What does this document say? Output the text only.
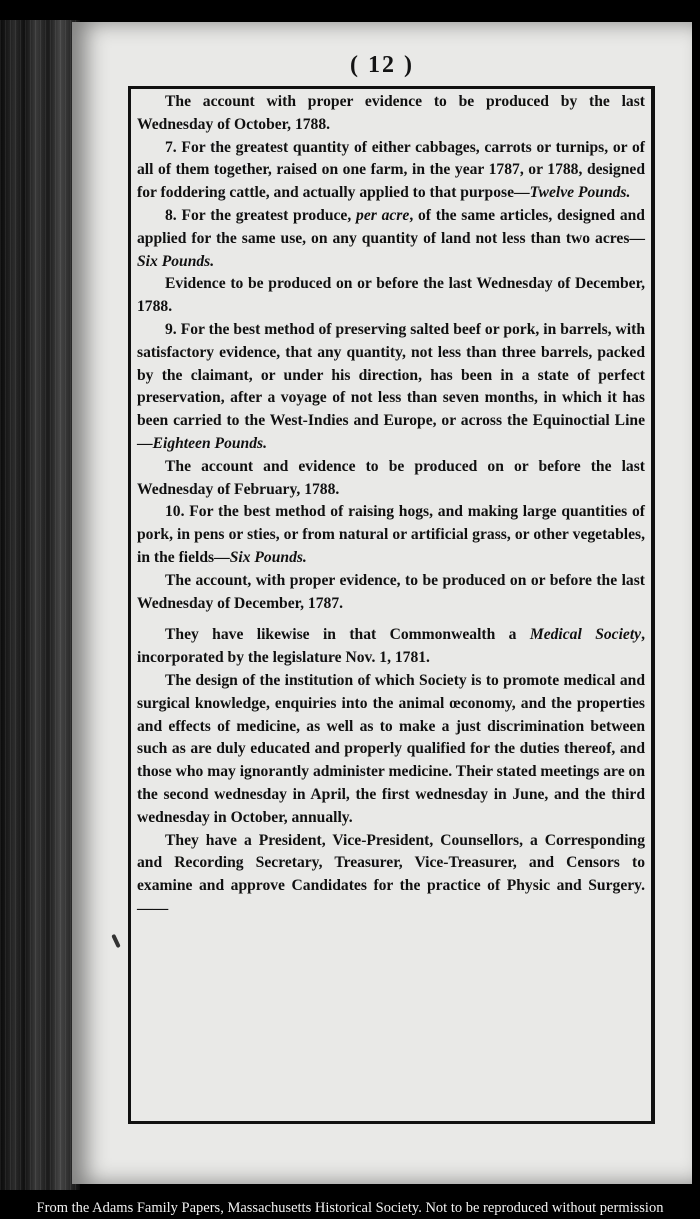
( 12 )

The account with proper evidence to be produced by the last Wednesday of October, 1788.

7. For the greatest quantity of either cabbages, carrots or turnips, or of all of them together, raised on one farm, in the year 1787, or 1788, designed for foddering cattle, and actually applied to that purpose—Twelve Pounds.

8. For the greatest produce, per acre, of the same articles, designed and applied for the same use, on any quantity of land not less than two acres—Six Pounds.

Evidence to be produced on or before the last Wednesday of December, 1788.

9. For the best method of preserving salted beef or pork, in barrels, with satisfactory evidence, that any quantity, not less than three barrels, packed by the claimant, or under his direction, has been in a state of perfect preservation, after a voyage of not less than seven months, in which it has been carried to the West-Indies and Europe, or across the Equinoctial Line—Eighteen Pounds.

The account and evidence to be produced on or before the last Wednesday of February, 1788.

10. For the best method of raising hogs, and making large quantities of pork, in pens or sties, or from natural or artificial grass, or other vegetables, in the fields—Six Pounds.

The account, with proper evidence, to be produced on or before the last Wednesday of December, 1787.

They have likewise in that Commonwealth a Medical Society, incorporated by the legislature Nov. 1, 1781.

The design of the institution of which Society is to promote medical and surgical knowledge, enquiries into the animal œconomy, and the properties and effects of medicine, as well as to make a just discrimination between such as are duly educated and properly qualified for the duties thereof, and those who may ignorantly administer medicine. Their stated meetings are on the second wednesday in April, the first wednesday in June, and the third wednesday in October, annually.

They have a President, Vice-President, Counsellors, a Corresponding and Recording Secretary, Treasurer, Vice-Treasurer, and Censors to examine and approve Candidates for the practice of Physic and Surgery.——

From the Adams Family Papers, Massachusetts Historical Society. Not to be reproduced without permission
